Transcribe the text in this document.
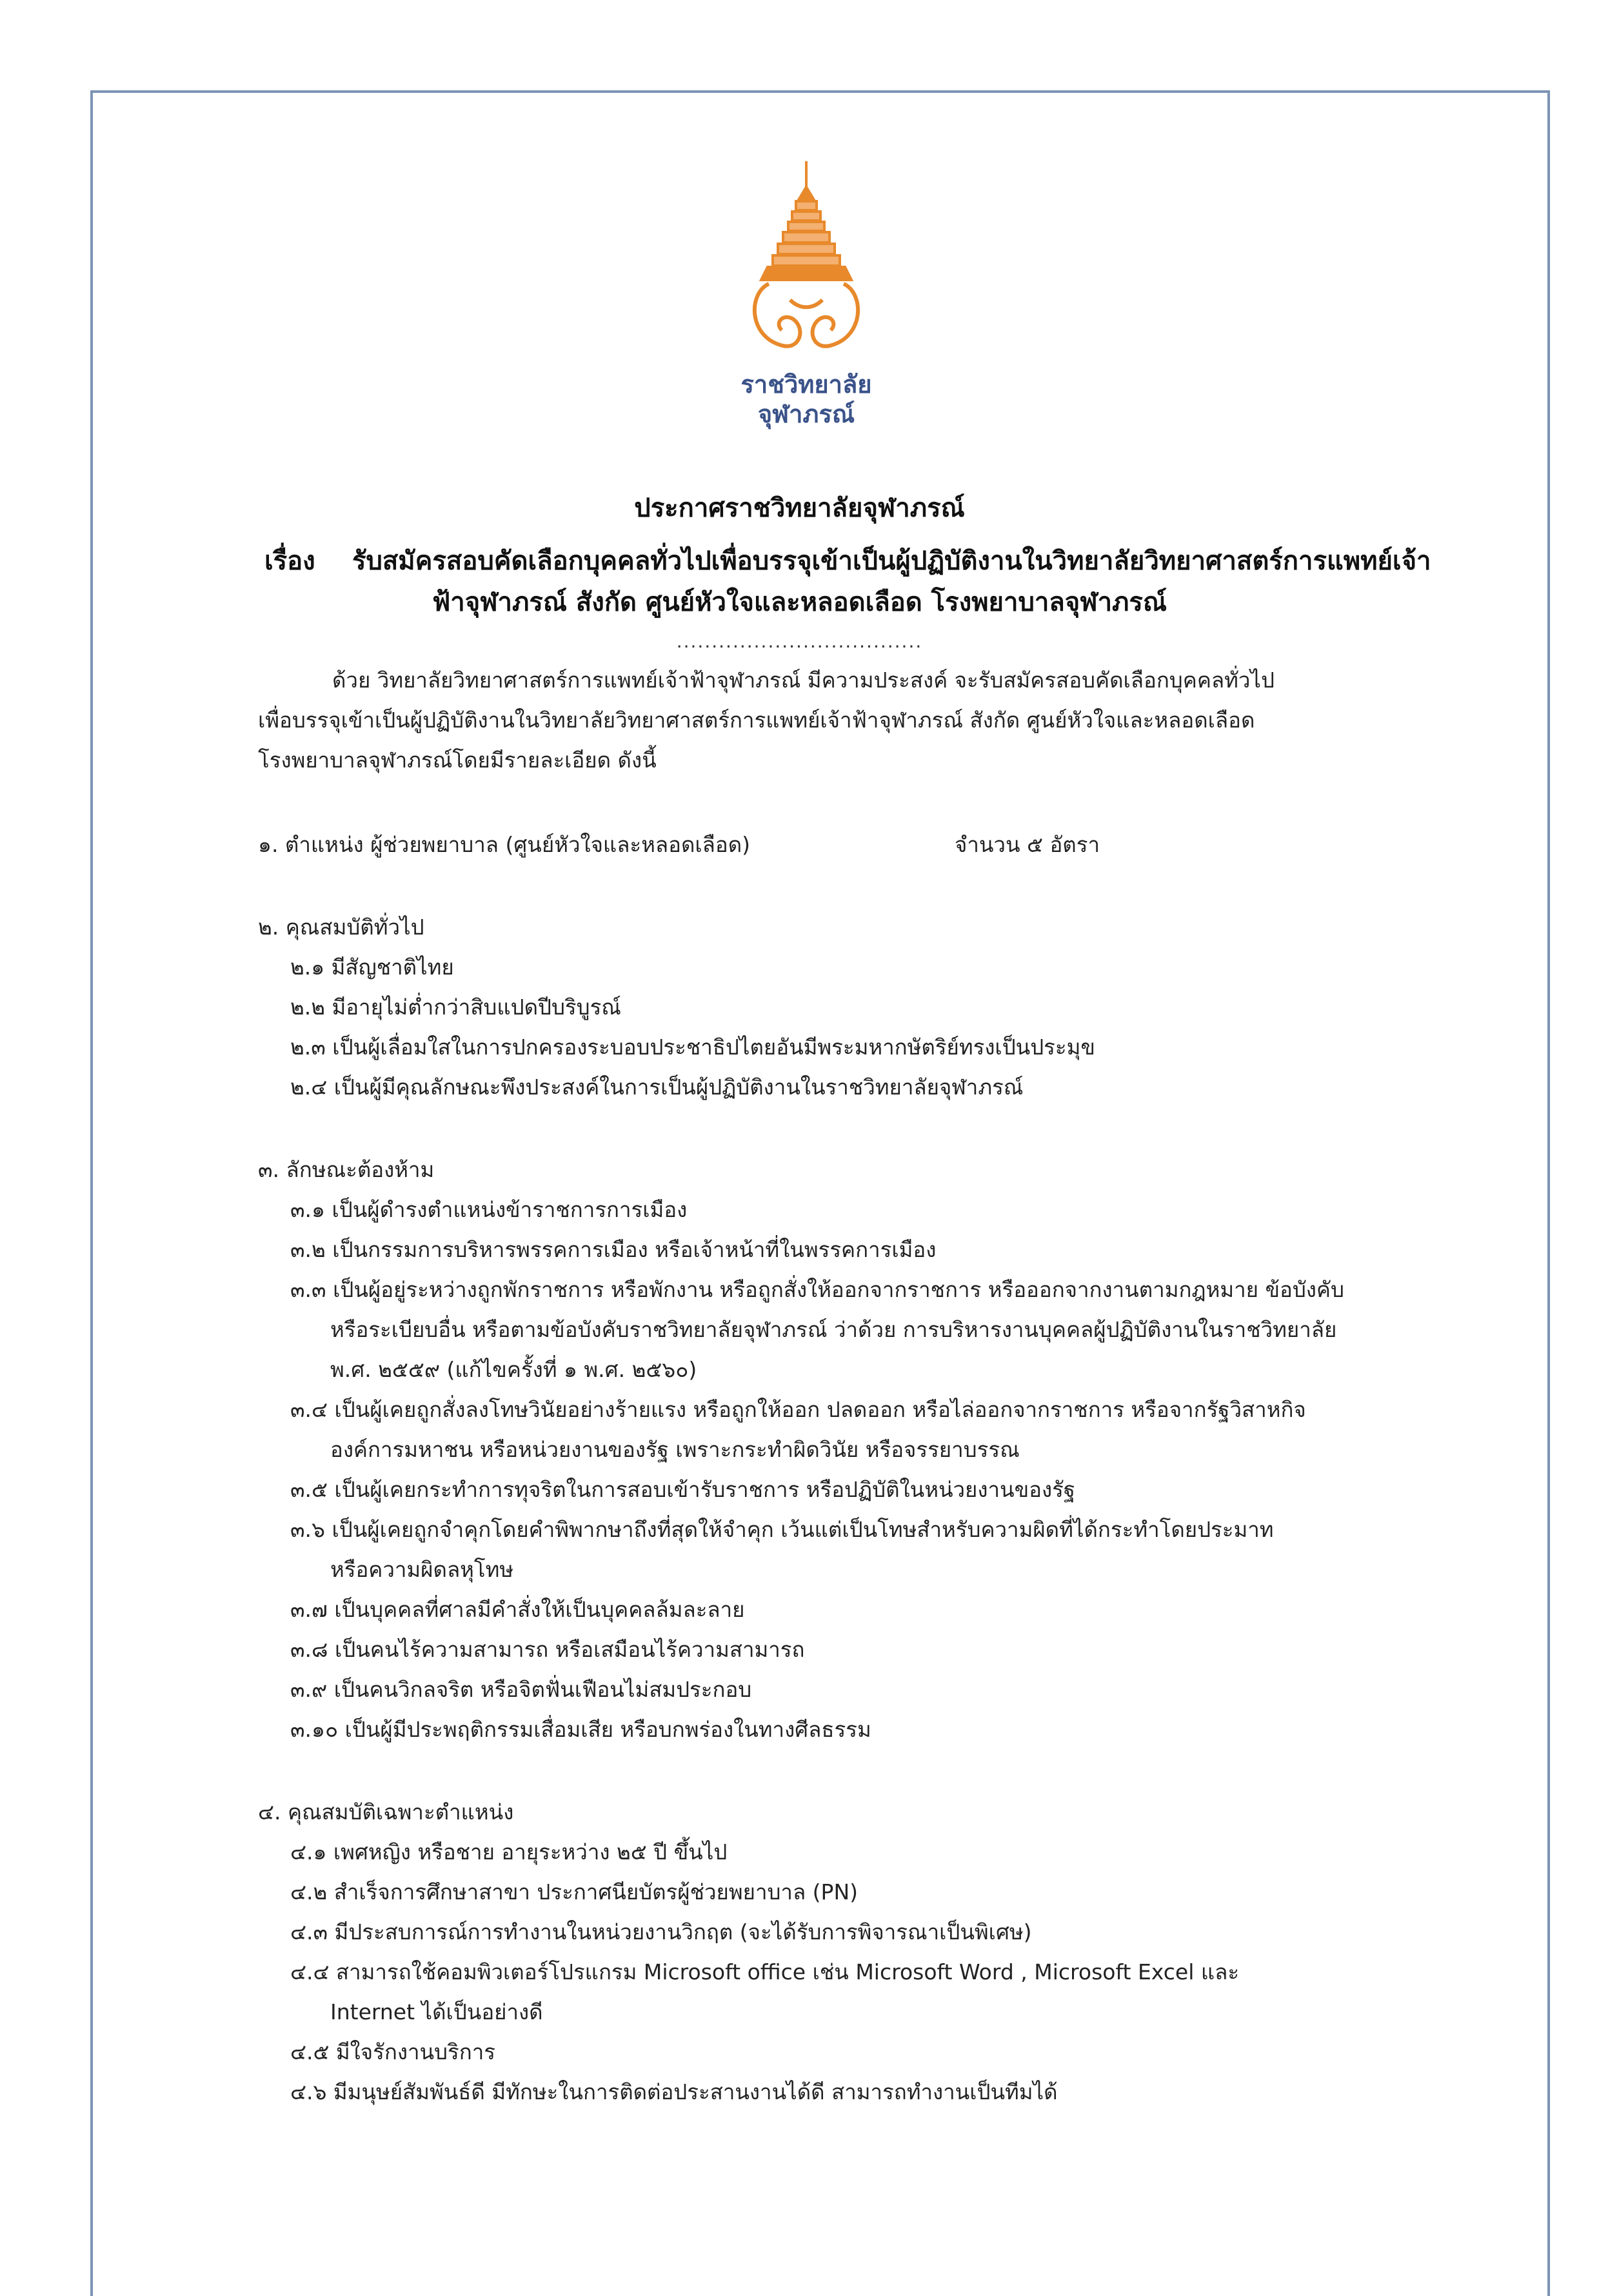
ราชวิทยาลัย
จุฬาภรณ์
ประกาศราชวิทยาลัยจุฬาภรณ์
เรื่อง รับสมัครสอบคัดเลือกบุคคลทั่วไปเพื่อบรรจุเข้าเป็นผู้ปฏิบัติงานในวิทยาลัยวิทยาศาสตร์การแพทย์เจ้า
ฟ้าจุฬาภรณ์ สังกัด ศูนย์หัวใจและหลอดเลือด โรงพยาบาลจุฬาภรณ์
...................................
ด้วย วิทยาลัยวิทยาศาสตร์การแพทย์เจ้าฟ้าจุฬาภรณ์ มีความประสงค์ จะรับสมัครสอบคัดเลือกบุคคลทั่วไป
เพื่อบรรจุเข้าเป็นผู้ปฏิบัติงานในวิทยาลัยวิทยาศาสตร์การแพทย์เจ้าฟ้าจุฬาภรณ์ สังกัด ศูนย์หัวใจและหลอดเลือด
โรงพยาบาลจุฬาภรณ์โดยมีรายละเอียด ดังนี้
๑. ตำแหน่ง ผู้ช่วยพยาบาล (ศูนย์หัวใจและหลอดเลือด)	จำนวน ๕ อัตรา
๒. คุณสมบัติทั่วไป
๒.๑ มีสัญชาติไทย
๒.๒ มีอายุไม่ต่ำกว่าสิบแปดปีบริบูรณ์
๒.๓ เป็นผู้เลื่อมใสในการปกครองระบอบประชาธิปไตยอันมีพระมหากษัตริย์ทรงเป็นประมุข
๒.๔ เป็นผู้มีคุณลักษณะพึงประสงค์ในการเป็นผู้ปฏิบัติงานในราชวิทยาลัยจุฬาภรณ์
๓. ลักษณะต้องห้าม
๓.๑ เป็นผู้ดำรงตำแหน่งข้าราชการการเมือง
๓.๒ เป็นกรรมการบริหารพรรคการเมือง หรือเจ้าหน้าที่ในพรรคการเมือง
๓.๓ เป็นผู้อยู่ระหว่างถูกพักราชการ หรือพักงาน หรือถูกสั่งให้ออกจากราชการ หรือออกจากงานตามกฎหมาย ข้อบังคับ
หรือระเบียบอื่น หรือตามข้อบังคับราชวิทยาลัยจุฬาภรณ์ ว่าด้วย การบริหารงานบุคคลผู้ปฏิบัติงานในราชวิทยาลัย
พ.ศ. ๒๕๕๙ (แก้ไขครั้งที่ ๑ พ.ศ. ๒๕๖๐)
๓.๔ เป็นผู้เคยถูกสั่งลงโทษวินัยอย่างร้ายแรง หรือถูกให้ออก ปลดออก หรือไล่ออกจากราชการ หรือจากรัฐวิสาหกิจ
องค์การมหาชน หรือหน่วยงานของรัฐ เพราะกระทำผิดวินัย หรือจรรยาบรรณ
๓.๕ เป็นผู้เคยกระทำการทุจริตในการสอบเข้ารับราชการ หรือปฏิบัติในหน่วยงานของรัฐ
๓.๖ เป็นผู้เคยถูกจำคุกโดยคำพิพากษาถึงที่สุดให้จำคุก เว้นแต่เป็นโทษสำหรับความผิดที่ได้กระทำโดยประมาท
หรือความผิดลหุโทษ
๓.๗ เป็นบุคคลที่ศาลมีคำสั่งให้เป็นบุคคลล้มละลาย
๓.๘ เป็นคนไร้ความสามารถ หรือเสมือนไร้ความสามารถ
๓.๙ เป็นคนวิกลจริต หรือจิตฟั่นเฟือนไม่สมประกอบ
๓.๑๐ เป็นผู้มีประพฤติกรรมเสื่อมเสีย หรือบกพร่องในทางศีลธรรม
๔. คุณสมบัติเฉพาะตำแหน่ง
๔.๑ เพศหญิง หรือชาย อายุระหว่าง ๒๕ ปี ขึ้นไป
๔.๒ สำเร็จการศึกษาสาขา ประกาศนียบัตรผู้ช่วยพยาบาล (PN)
๔.๓ มีประสบการณ์การทำงานในหน่วยงานวิกฤต (จะได้รับการพิจารณาเป็นพิเศษ)
๔.๔ สามารถใช้คอมพิวเตอร์โปรแกรม Microsoft office เช่น Microsoft Word , Microsoft Excel และ
Internet ได้เป็นอย่างดี
๔.๕ มีใจรักงานบริการ
๔.๖ มีมนุษย์สัมพันธ์ดี มีทักษะในการติดต่อประสานงานได้ดี สามารถทำงานเป็นทีมได้
